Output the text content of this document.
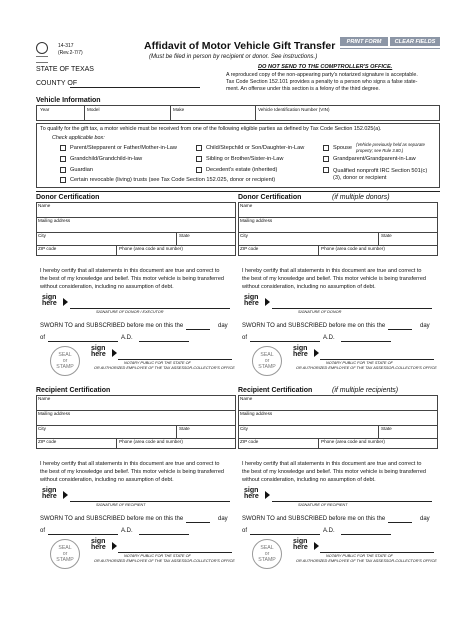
14-317
(Rev.2-7/7)
Affidavit of Motor Vehicle Gift Transfer
(Must be filed in person by recipient or donor. See instructions.)
PRINT FORM	CLEAR FIELDS
STATE OF TEXAS
COUNTY OF
DO NOT SEND TO THE COMPTROLLER'S OFFICE.
A reproduced copy of the non-appearing party's notarized signature is acceptable.
Tax Code Section 152.101 provides a penalty to a person who signs a false state-
ment. An offense under this section is a felony of the third degree.
Vehicle Information
Year	Model	Make	Vehicle Identification Number (VIN)
To qualify for the gift tax, a motor vehicle must be received from one of the following eligible parties as defined by Tax Code Section 152.025(a).
Check applicable box:
Parent/Stepparent or Father/Mother-in-Law
Grandchild/Grandchild-in-law
Guardian
Certain revocable (living) trusts (see Tax Code Section 152.025, donor or recipient)
Child/Stepchild or Son/Daughter-in-Law
Sibling or Brother/Sister-in-Law
Decedent's estate (inherited)
Spouse
(Vehicle previously held as separate
property; see Rule 3.80.)
Grandparent/Grandparent-in-Law
Qualified nonprofit IRC Section 501(c)(3), donor or recipient
Donor Certification
Name
Mailing address
City	State
ZIP code	Phone (area code and number)
I hereby certify that all statements in this document are true and correct to
the best of my knowledge and belief. This motor vehicle is being transferred
without consideration, including no assumption of debt.
sign
here
SIGNATURE OF DONOR / EXECUTOR
SWORN TO and SUBSCRIBED before me on this the	day
of	A.D.
SEAL
or
STAMP
sign
here
NOTARY PUBLIC FOR THE STATE OF
OR AUTHORIZED EMPLOYEE OF THE TAX ASSESSOR-COLLECTOR'S OFFICE
Donor Certification	(if multiple donors)
Name
Mailing address
City	State
ZIP code	Phone (area code and number)
I hereby certify that all statements in this document are true and correct to
the best of my knowledge and belief. This motor vehicle is being transferred
without consideration, including no assumption of debt.
sign
here
SIGNATURE OF DONOR
SWORN TO and SUBSCRIBED before me on this the	day
of	A.D.
SEAL
or
STAMP
sign
here
NOTARY PUBLIC FOR THE STATE OF
OR AUTHORIZED EMPLOYEE OF THE TAX ASSESSOR-COLLECTOR'S OFFICE
Recipient Certification
Name
Mailing address
City	State
ZIP code	Phone (area code and number)
I hereby certify that all statements in this document are true and correct to
the best of my knowledge and belief. This motor vehicle is being transferred
without consideration, including no assumption of debt.
sign
here
SIGNATURE OF RECIPIENT
SWORN TO and SUBSCRIBED before me on this the	day
of	A.D.
SEAL
or
STAMP
sign
here
NOTARY PUBLIC FOR THE STATE OF
OR AUTHORIZED EMPLOYEE OF THE TAX ASSESSOR-COLLECTOR'S OFFICE
Recipient Certification	(if multiple recipients)
Name
Mailing address
City	State
ZIP code	Phone (area code and number)
I hereby certify that all statements in this document are true and correct to
the best of my knowledge and belief. This motor vehicle is being transferred
without consideration, including no assumption of debt.
sign
here
SIGNATURE OF RECIPIENT
SWORN TO and SUBSCRIBED before me on this the	day
of	A.D.
SEAL
or
STAMP
sign
here
NOTARY PUBLIC FOR THE STATE OF
OR AUTHORIZED EMPLOYEE OF THE TAX ASSESSOR-COLLECTOR'S OFFICE
